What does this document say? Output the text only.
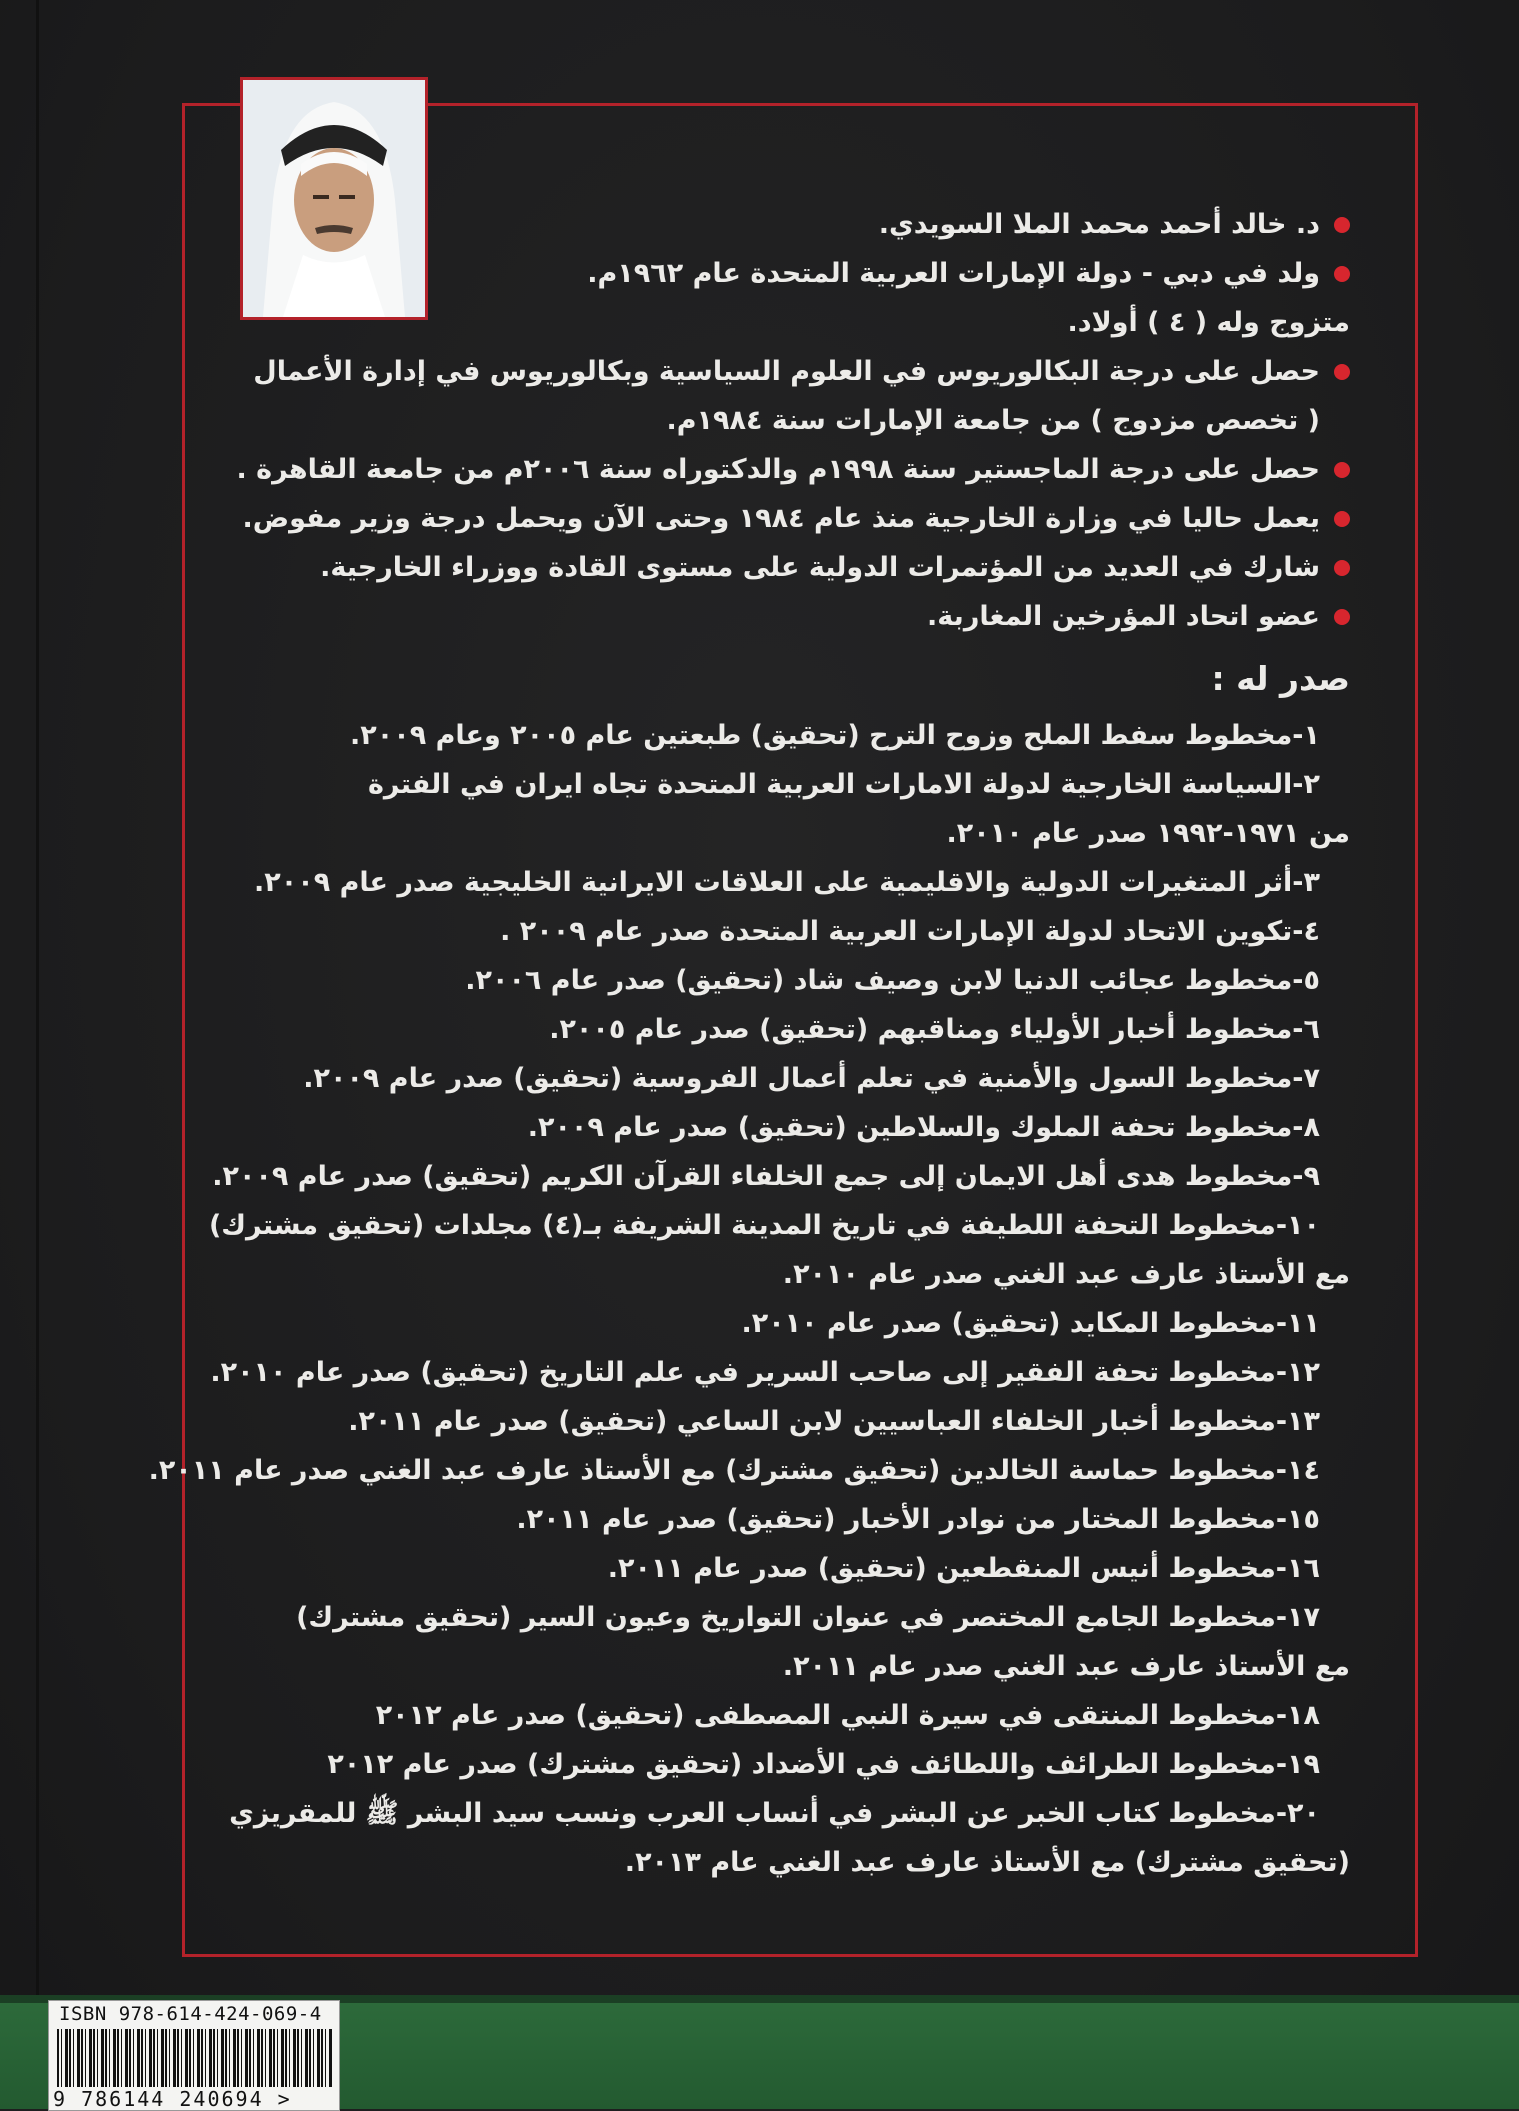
د. خالد أحمد محمد الملا السويدي.
ولد في دبي - دولة الإمارات العربية المتحدة عام ١٩٦٢م.
متزوج وله ( ٤ ) أولاد.
حصل على درجة البكالوريوس في العلوم السياسية وبكالوريوس في إدارة الأعمال
( تخصص مزدوج ) من جامعة الإمارات سنة ١٩٨٤م.
حصل على درجة الماجستير سنة ١٩٩٨م والدكتوراه سنة ٢٠٠٦م من جامعة القاهرة .
يعمل حاليا في وزارة الخارجية منذ عام ١٩٨٤ وحتى الآن ويحمل درجة وزير مفوض.
شارك في العديد من المؤتمرات الدولية على مستوى القادة ووزراء الخارجية.
عضو اتحاد المؤرخين المغاربة.
صدر له :
١-مخطوط سفط الملح وزوح الترح (تحقيق) طبعتين عام ٢٠٠٥ وعام ٢٠٠٩.
٢-السياسة الخارجية لدولة الامارات العربية المتحدة تجاه ايران في الفترة
من ١٩٧١-١٩٩٢ صدر عام ٢٠١٠.
٣-أثر المتغيرات الدولية والاقليمية على العلاقات الايرانية الخليجية صدر عام ٢٠٠٩.
٤-تكوين الاتحاد لدولة الإمارات العربية المتحدة صدر عام ٢٠٠٩ .
٥-مخطوط عجائب الدنيا لابن وصيف شاد (تحقيق) صدر عام ٢٠٠٦.
٦-مخطوط أخبار الأولياء ومناقبهم (تحقيق) صدر عام ٢٠٠٥.
٧-مخطوط السول والأمنية في تعلم أعمال الفروسية (تحقيق) صدر عام ٢٠٠٩.
٨-مخطوط تحفة الملوك والسلاطين (تحقيق) صدر عام ٢٠٠٩.
٩-مخطوط هدى أهل الايمان إلى جمع الخلفاء القرآن الكريم (تحقيق) صدر عام ٢٠٠٩.
١٠-مخطوط التحفة اللطيفة في تاريخ المدينة الشريفة بـ(٤) مجلدات (تحقيق مشترك)
مع الأستاذ عارف عبد الغني صدر عام ٢٠١٠.
١١-مخطوط المكايد (تحقيق) صدر عام ٢٠١٠.
١٢-مخطوط تحفة الفقير إلى صاحب السرير في علم التاريخ (تحقيق) صدر عام ٢٠١٠.
١٣-مخطوط أخبار الخلفاء العباسيين لابن الساعي (تحقيق) صدر عام ٢٠١١.
١٤-مخطوط حماسة الخالدين (تحقيق مشترك) مع الأستاذ عارف عبد الغني صدر عام ٢٠١١.
١٥-مخطوط المختار من نوادر الأخبار (تحقيق) صدر عام ٢٠١١.
١٦-مخطوط أنيس المنقطعين (تحقيق) صدر عام ٢٠١١.
١٧-مخطوط الجامع المختصر في عنوان التواريخ وعيون السير (تحقيق مشترك)
مع الأستاذ عارف عبد الغني صدر عام ٢٠١١.
١٨-مخطوط المنتقى في سيرة النبي المصطفى (تحقيق) صدر عام ٢٠١٢
١٩-مخطوط الطرائف واللطائف في الأضداد (تحقيق مشترك) صدر عام ٢٠١٢
٢٠-مخطوط كتاب الخبر عن البشر في أنساب العرب ونسب سيد البشر ﷺ للمقريزي
(تحقيق مشترك) مع الأستاذ عارف عبد الغني عام ٢٠١٣.
ISBN 978-614-424-069-4
9 786144 240694 >
